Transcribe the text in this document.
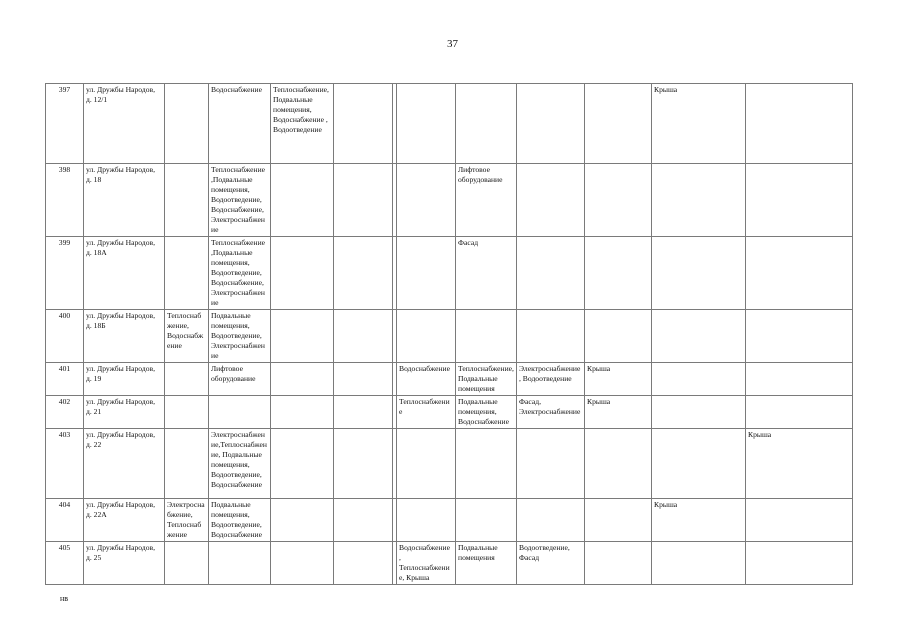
37
397	ул. Дружбы Народов, д. 12/1		Водоснабжение	Теплоснабжение,Подвальные помещения, Водоснабжение , Водоотведение							Крыша	
398	ул. Дружбы Народов, д. 18		Теплоснабжение ,Подвальные помещения, Водоотведение, Водоснабжение, Электроснабжение					Лифтовое оборудование				
399	ул. Дружбы Народов, д. 18А		Теплоснабжение ,Подвальные помещения, Водоотведение, Водоснабжение, Электроснабжение					Фасад				
400	ул. Дружбы Народов, д. 18Б	Теплоснабжение, Водоснабжение	Подвальные помещения, Водоотведение, Электроснабжение									
401	ул. Дружбы Народов, д. 19		Лифтовое оборудование				Водоснабжение	Теплоснабжение, Подвальные помещения	Электроснабжение, Водоотведение	Крыша		
402	ул. Дружбы Народов, д. 21						Теплоснабжение	Подвальные помещения, Водоснабжение	Фасад, Электроснабжение	Крыша		
403	ул. Дружбы Народов, д. 22		Электроснабжение,Теплоснабжение, Подвальные помещения, Водоотведение, Водоснабжение									Крыша
404	ул. Дружбы Народов, д. 22А	Электроснабжение, Теплоснабжение	Подвальные помещения, Водоотведение, Водоснабжение								Крыша	
405	ул. Дружбы Народов, д. 25						Водоснабжение , Теплоснабжение, Крыша	Подвальные помещения	Водоотведение, Фасад			
нв
